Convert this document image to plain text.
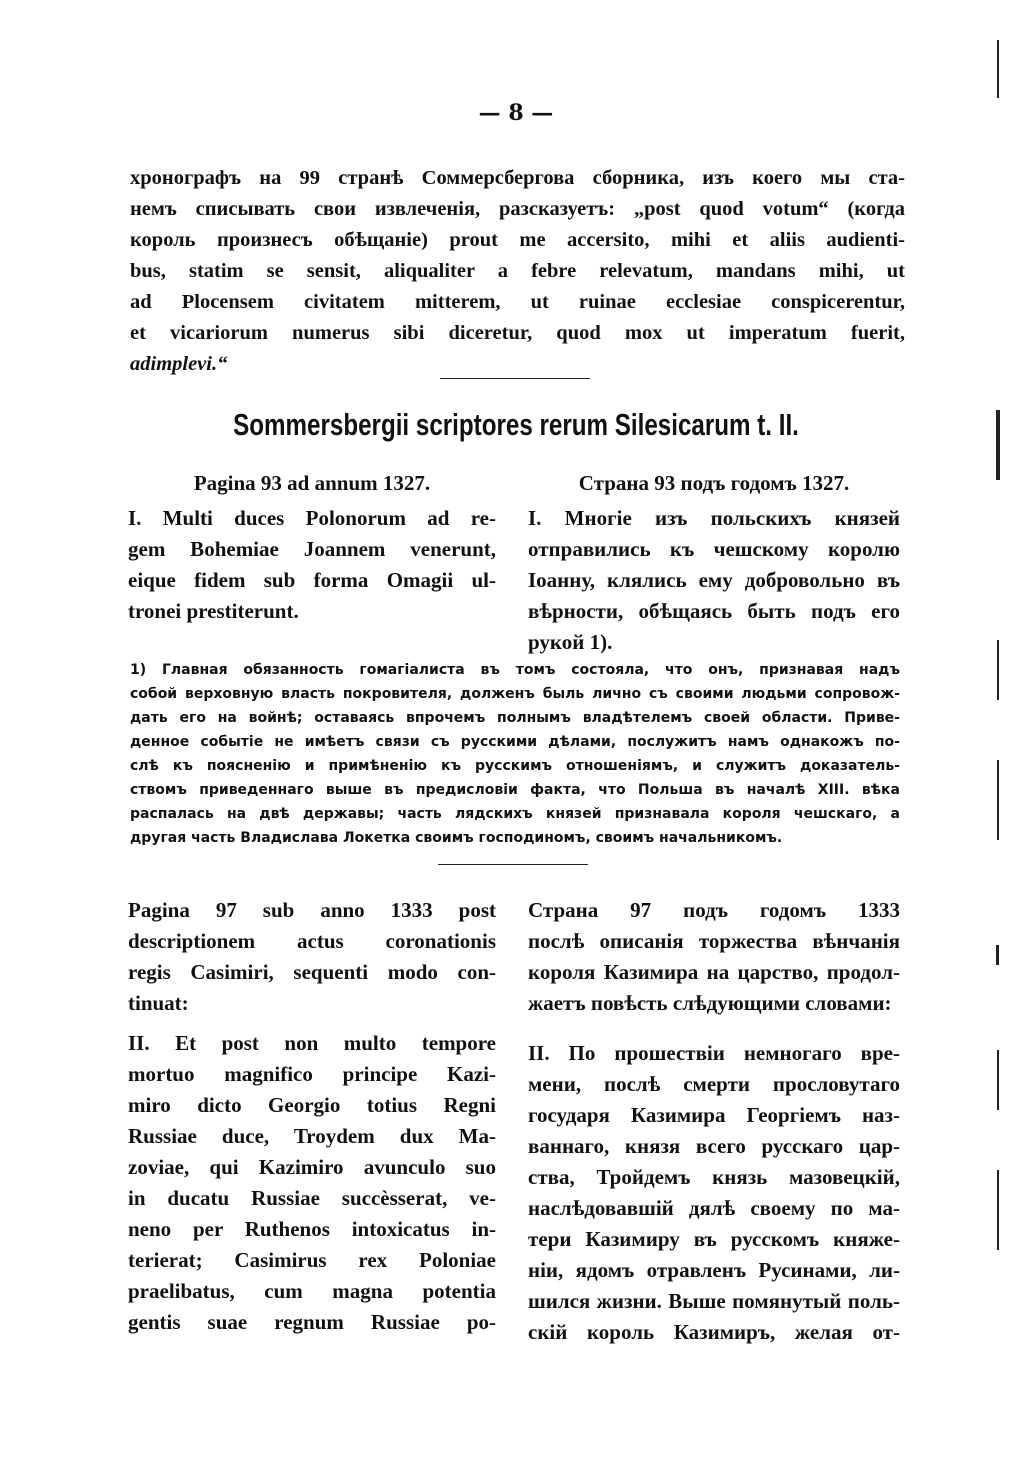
— 8 —
хронографъ на 99 странѣ Соммерсбергова сборника, изъ коего мы ста-
немъ списывать свои извлеченія, разсказуетъ: „post quod votum“ (когда
король произнесъ обѣщаніе) prout me accersito, mihi et aliis audienti-
bus, statim se sensit, aliqualiter a febre relevatum, mandans mihi, ut
ad Plocensem civitatem mitterem, ut ruinae ecclesiae conspicerentur,
et vicariorum numerus sibi diceretur, quod mox ut imperatum fuerit,
adimplevi.“
Sommersbergii scriptores rerum Silesicarum t. II.
Pagina 93 ad annum 1327.
I. Multi duces Polonorum ad re-
gem Bohemiae Joannem venerunt,
eique fidem sub forma Omagii ul-
tronei prestiterunt.
Страна 93 подъ годомъ 1327.
I. Многіе изъ польскихъ князей
отправились къ чешскому королю
Іоанну, клялись ему добровольно въ
вѣрности, обѣщаясь быть подъ его
рукой 1).
1) Главная обязанность гомагіалиста въ томъ состояла, что онъ, признавая надъ
собой верховную власть покровителя, долженъ быль лично съ своими людьми сопровож-
дать его на войнѣ; оставаясь впрочемъ полнымъ владѣтелемъ своей области. Приве-
денное событіе не имѣетъ связи съ русскими дѣлами, послужитъ намъ однакожъ по-
слѣ къ поясненію и примѣненію къ русскимъ отношеніямъ, и служитъ доказатель-
ствомъ приведеннаго выше въ предисловіи факта, что Польша въ началѣ XIII. вѣка
распалась на двѣ державы; часть лядскихъ князей признавала короля чешскаго, а
другая часть Владислава Локетка своимъ господиномъ, своимъ начальникомъ.
Pagina 97 sub anno 1333 post
descriptionem actus coronationis
regis Casimiri, sequenti modo con-
tinuat:
Страна 97 подъ годомъ 1333
послѣ описанія торжества вѣнчанія
короля Казимира на царство, продол-
жаетъ повѣсть слѣдующими словами:
II. Et post non multo tempore
mortuo magnifico principe Kazi-
miro dicto Georgio totius Regni
Russiae duce, Troydem dux Ma-
zoviae, qui Kazimiro avunculo suo
in ducatu Russiae succèsserat, ve-
neno per Ruthenos intoxicatus in-
terierat; Casimirus rex Poloniae
praelibatus, cum magna potentia
gentis suae regnum Russiae po-
II. По прошествіи немногаго вре-
мени, послѣ смерти прословутаго
государя Казимира Георгіемъ наз-
ваннаго, князя всего русскаго цар-
ства, Тройдемъ князь мазовецкій,
наслѣдовавшій дялѣ своему по ма-
тери Казимиру въ русскомъ княже-
ніи, ядомъ отравленъ Русинами, ли-
шился жизни. Выше помянутый поль-
скій король Казимиръ, желая от-
